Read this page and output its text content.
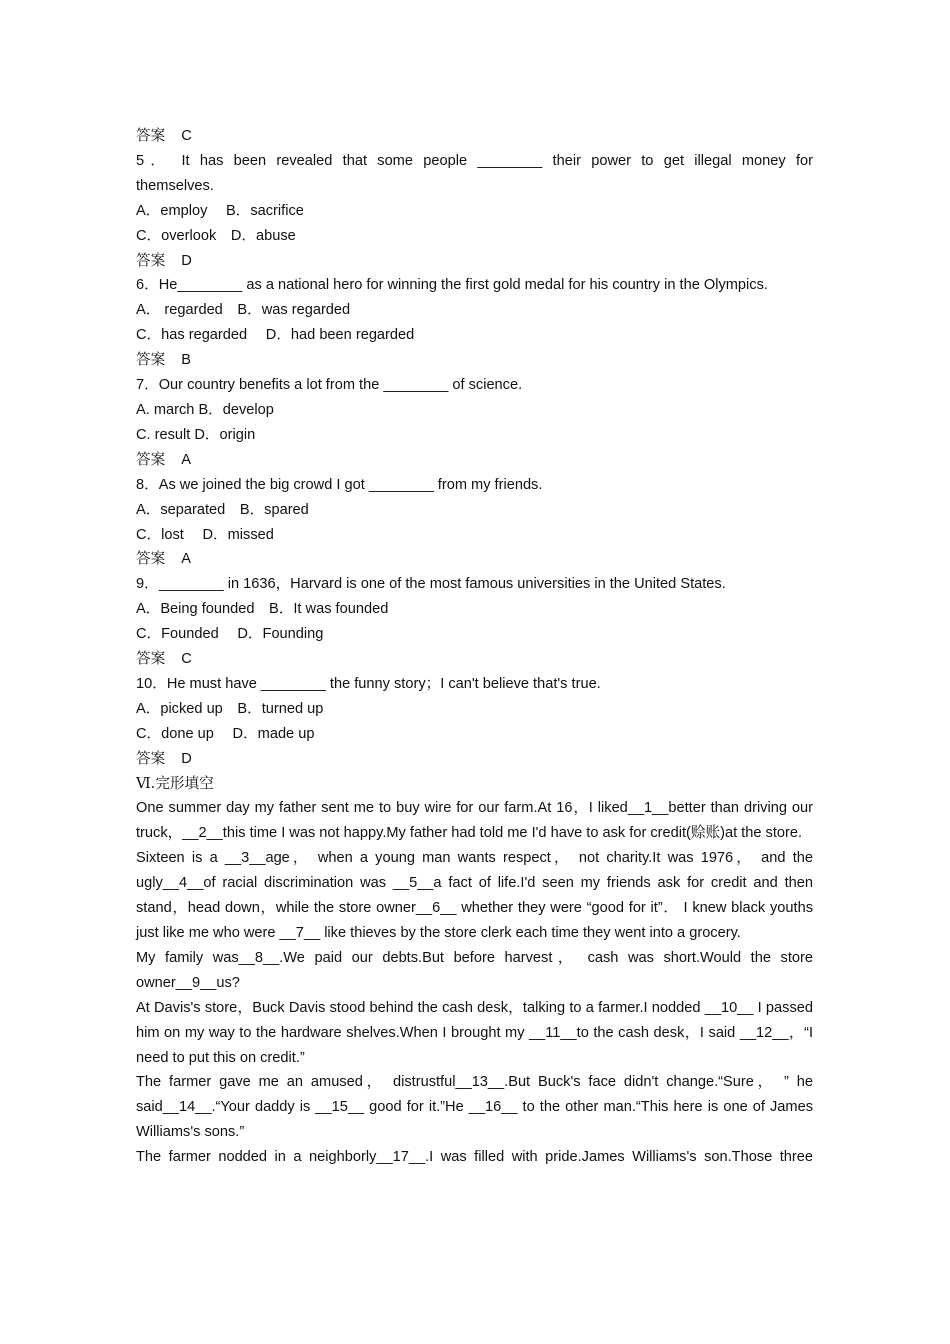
答案 C
5． It has been revealed that some people ________ their power to get illegal money for
themselves.
A．employ　 B．sacrifice
C．overlook　D．abuse
答案 D
6．He________ as a national hero for winning the first gold medal for his country in the Olympics.
A． regarded　B．was regarded
C．has regarded　 D．had been regarded
答案 B
7．Our country benefits a lot from the ________ of science.
A. march B．develop
C. result D．origin
答案 A
8．As we joined the big crowd I got ________ from my friends.
A．separated　B．spared
C．lost　 D．missed
答案 A
9．________ in 1636，Harvard is one of the most famous universities in the United States.
A．Being founded　B．It was founded
C．Founded　 D．Founding
答案 C
10．He must have ________ the funny story；I can't believe that's true.
A．picked up　B．turned up
C．done up　 D．made up
答案 D
Ⅵ.完形填空
One summer day my father sent me to buy wire for our farm.At 16，I liked__1__better than driving our truck，__2__this time I was not happy.My father had told me I'd have to ask for credit(赊账)at the store.
Sixteen is a __3__age， when a young man wants respect， not charity.It was 1976， and the ugly__4__of racial discrimination was __5__a fact of life.I'd seen my friends ask for credit and then stand，head down，while the store owner__6__ whether they were “good for it”． I knew black youths just like me who were __7__ like thieves by the store clerk each time they went into a grocery.
My family was__8__.We paid our debts.But before harvest， cash was short.Would the store owner__9__us?
At Davis's store，Buck Davis stood behind the cash desk，talking to a farmer.I nodded __10__ I passed him on my way to the hardware shelves.When I brought my __11__to the cash desk，I said __12__，“I need to put this on credit.”
The farmer gave me an amused， distrustful__13__.But Buck's face didn't change.“Sure， ” he said__14__.“Your daddy is __15__ good for it.”He __16__ to the other man.“This here is one of James Williams's sons.”
The farmer nodded in a neighborly__17__.I was filled with pride.James Williams's son.Those three
